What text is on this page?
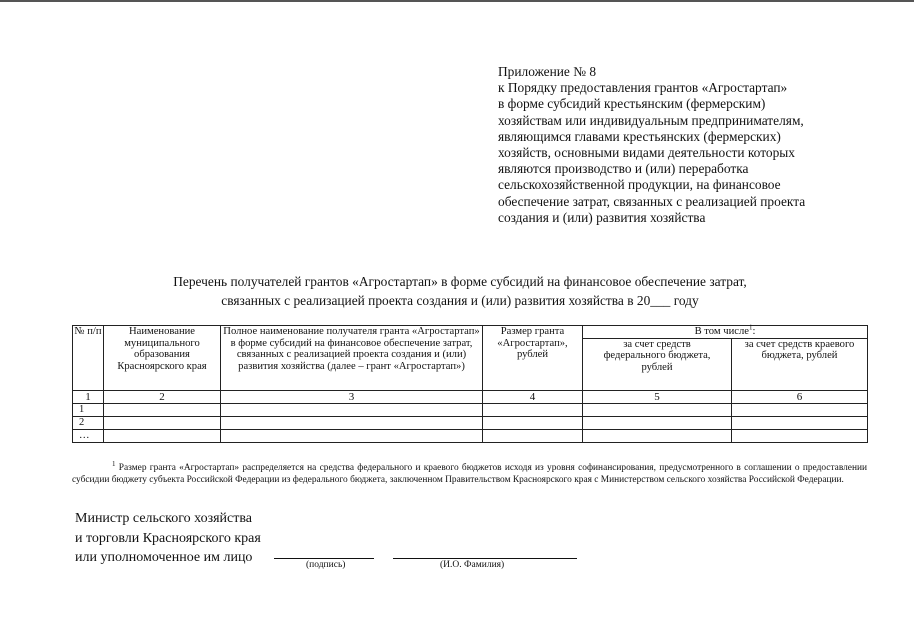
Приложение № 8
к Порядку предоставления грантов «Агростартап»
в форме субсидий крестьянским (фермерским)
хозяйствам или индивидуальным предпринимателям,
являющимся главами крестьянских (фермерских)
хозяйств, основными видами деятельности которых
являются производство и (или) переработка
сельскохозяйственной продукции, на финансовое
обеспечение затрат, связанных с реализацией проекта
создания и (или) развития хозяйства
Перечень получателей грантов «Агростартап» в форме субсидий на финансовое обеспечение затрат,
связанных с реализацией проекта создания и (или) развития хозяйства в 20___ году
№ п/п	Наименование муниципального образования Красноярского края	Полное наименование получателя гранта «Агростартап» в форме субсидий на финансовое обеспечение затрат, связанных с реализацией проекта создания и (или) развития хозяйства (далее – грант «Агростартап»)	Размер гранта «Агростартап», рублей	В том числе$^1$:	
				за счет средств федерального бюджета, рублей	за счет средств краевого бюджета, рублей
1	2	3	4	5	6
1					
2					
…					
$^1$ Размер гранта «Агростартап» распределяется на средства федерального и краевого бюджетов исходя из уровня софинансирования, предусмотренного в соглашении о предоставлении субсидии бюджету субъекта Российской Федерации из федерального бюджета, заключенном Правительством Красноярского края с Министерством сельского хозяйства Российской Федерации.
Министр сельского хозяйства
и торговли Красноярского края
или уполномоченное им лицо	(подпись)	(И.О. Фамилия)
